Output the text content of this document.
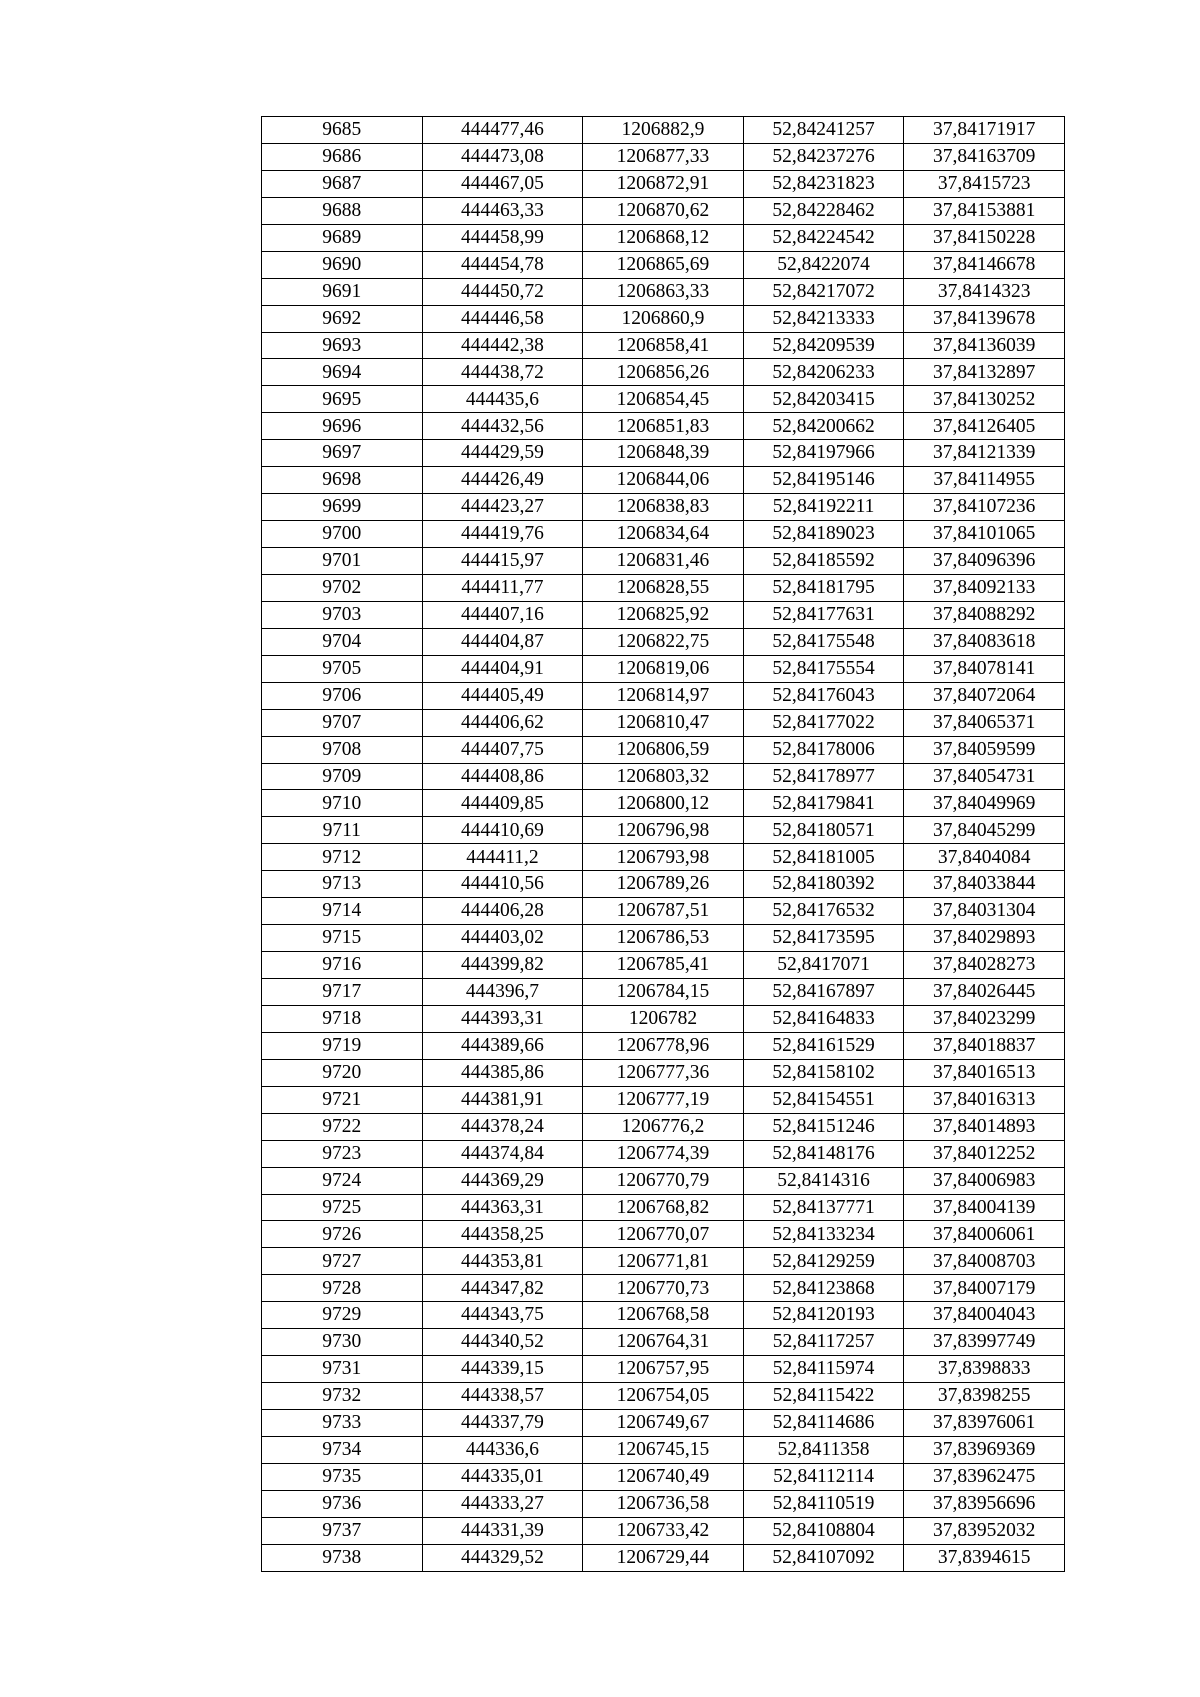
9685	444477,46	1206882,9	52,84241257	37,84171917
9686	444473,08	1206877,33	52,84237276	37,84163709
9687	444467,05	1206872,91	52,84231823	37,8415723
9688	444463,33	1206870,62	52,84228462	37,84153881
9689	444458,99	1206868,12	52,84224542	37,84150228
9690	444454,78	1206865,69	52,8422074	37,84146678
9691	444450,72	1206863,33	52,84217072	37,8414323
9692	444446,58	1206860,9	52,84213333	37,84139678
9693	444442,38	1206858,41	52,84209539	37,84136039
9694	444438,72	1206856,26	52,84206233	37,84132897
9695	444435,6	1206854,45	52,84203415	37,84130252
9696	444432,56	1206851,83	52,84200662	37,84126405
9697	444429,59	1206848,39	52,84197966	37,84121339
9698	444426,49	1206844,06	52,84195146	37,84114955
9699	444423,27	1206838,83	52,84192211	37,84107236
9700	444419,76	1206834,64	52,84189023	37,84101065
9701	444415,97	1206831,46	52,84185592	37,84096396
9702	444411,77	1206828,55	52,84181795	37,84092133
9703	444407,16	1206825,92	52,84177631	37,84088292
9704	444404,87	1206822,75	52,84175548	37,84083618
9705	444404,91	1206819,06	52,84175554	37,84078141
9706	444405,49	1206814,97	52,84176043	37,84072064
9707	444406,62	1206810,47	52,84177022	37,84065371
9708	444407,75	1206806,59	52,84178006	37,84059599
9709	444408,86	1206803,32	52,84178977	37,84054731
9710	444409,85	1206800,12	52,84179841	37,84049969
9711	444410,69	1206796,98	52,84180571	37,84045299
9712	444411,2	1206793,98	52,84181005	37,8404084
9713	444410,56	1206789,26	52,84180392	37,84033844
9714	444406,28	1206787,51	52,84176532	37,84031304
9715	444403,02	1206786,53	52,84173595	37,84029893
9716	444399,82	1206785,41	52,8417071	37,84028273
9717	444396,7	1206784,15	52,84167897	37,84026445
9718	444393,31	1206782	52,84164833	37,84023299
9719	444389,66	1206778,96	52,84161529	37,84018837
9720	444385,86	1206777,36	52,84158102	37,84016513
9721	444381,91	1206777,19	52,84154551	37,84016313
9722	444378,24	1206776,2	52,84151246	37,84014893
9723	444374,84	1206774,39	52,84148176	37,84012252
9724	444369,29	1206770,79	52,8414316	37,84006983
9725	444363,31	1206768,82	52,84137771	37,84004139
9726	444358,25	1206770,07	52,84133234	37,84006061
9727	444353,81	1206771,81	52,84129259	37,84008703
9728	444347,82	1206770,73	52,84123868	37,84007179
9729	444343,75	1206768,58	52,84120193	37,84004043
9730	444340,52	1206764,31	52,84117257	37,83997749
9731	444339,15	1206757,95	52,84115974	37,8398833
9732	444338,57	1206754,05	52,84115422	37,8398255
9733	444337,79	1206749,67	52,84114686	37,83976061
9734	444336,6	1206745,15	52,8411358	37,83969369
9735	444335,01	1206740,49	52,84112114	37,83962475
9736	444333,27	1206736,58	52,84110519	37,83956696
9737	444331,39	1206733,42	52,84108804	37,83952032
9738	444329,52	1206729,44	52,84107092	37,8394615
